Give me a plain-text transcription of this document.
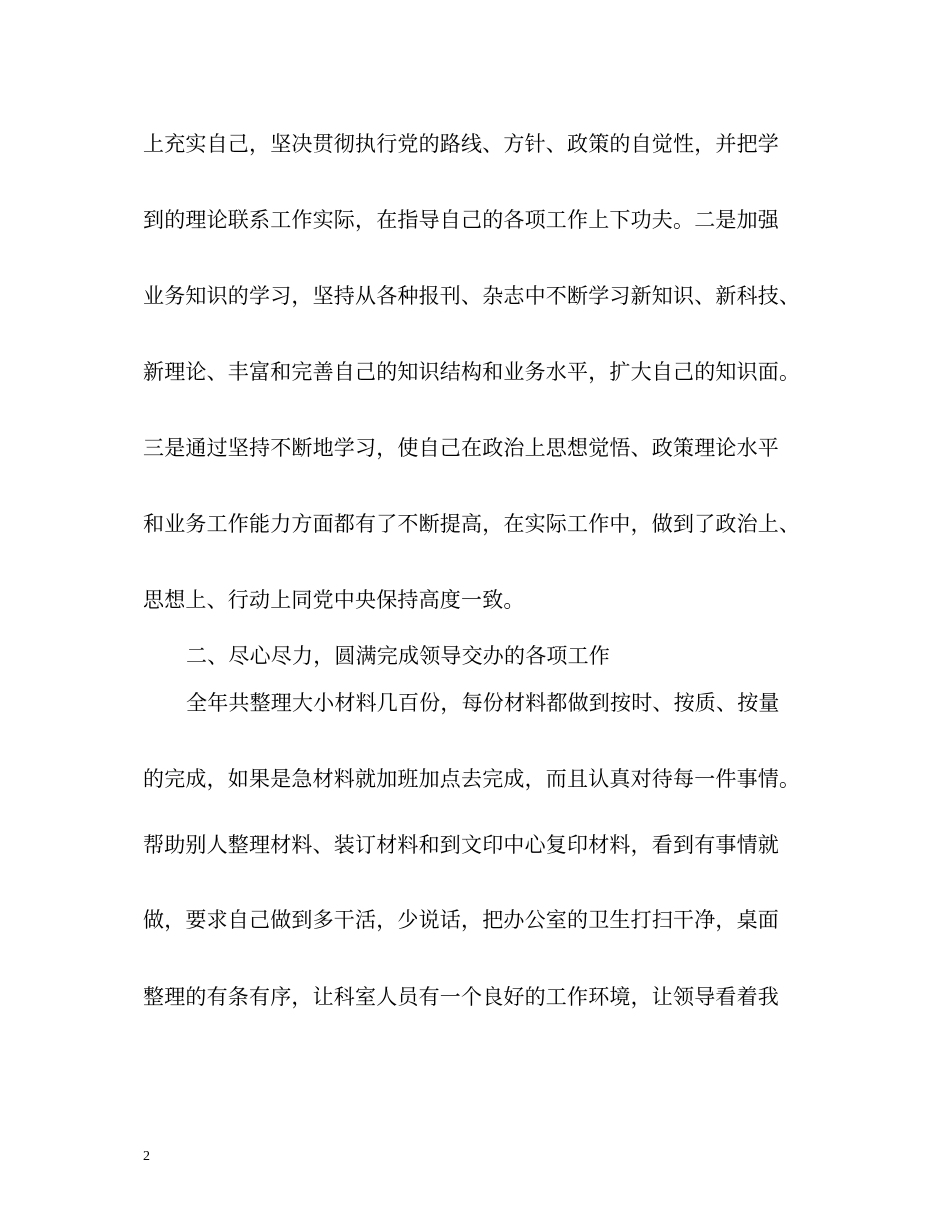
上充实自己，坚决贯彻执行党的路线、方针、政策的自觉性，并把学
到的理论联系工作实际，在指导自己的各项工作上下功夫。二是加强
业务知识的学习，坚持从各种报刊、杂志中不断学习新知识、新科技、
新理论、丰富和完善自己的知识结构和业务水平，扩大自己的知识面。
三是通过坚持不断地学习，使自己在政治上思想觉悟、政策理论水平
和业务工作能力方面都有了不断提高，在实际工作中，做到了政治上、
思想上、行动上同党中央保持高度一致。
二、尽心尽力，圆满完成领导交办的各项工作
全年共整理大小材料几百份，每份材料都做到按时、按质、按量
的完成，如果是急材料就加班加点去完成，而且认真对待每一件事情。
帮助别人整理材料、装订材料和到文印中心复印材料，看到有事情就
做，要求自己做到多干活，少说话，把办公室的卫生打扫干净，桌面
整理的有条有序，让科室人员有一个良好的工作环境，让领导看着我
2
